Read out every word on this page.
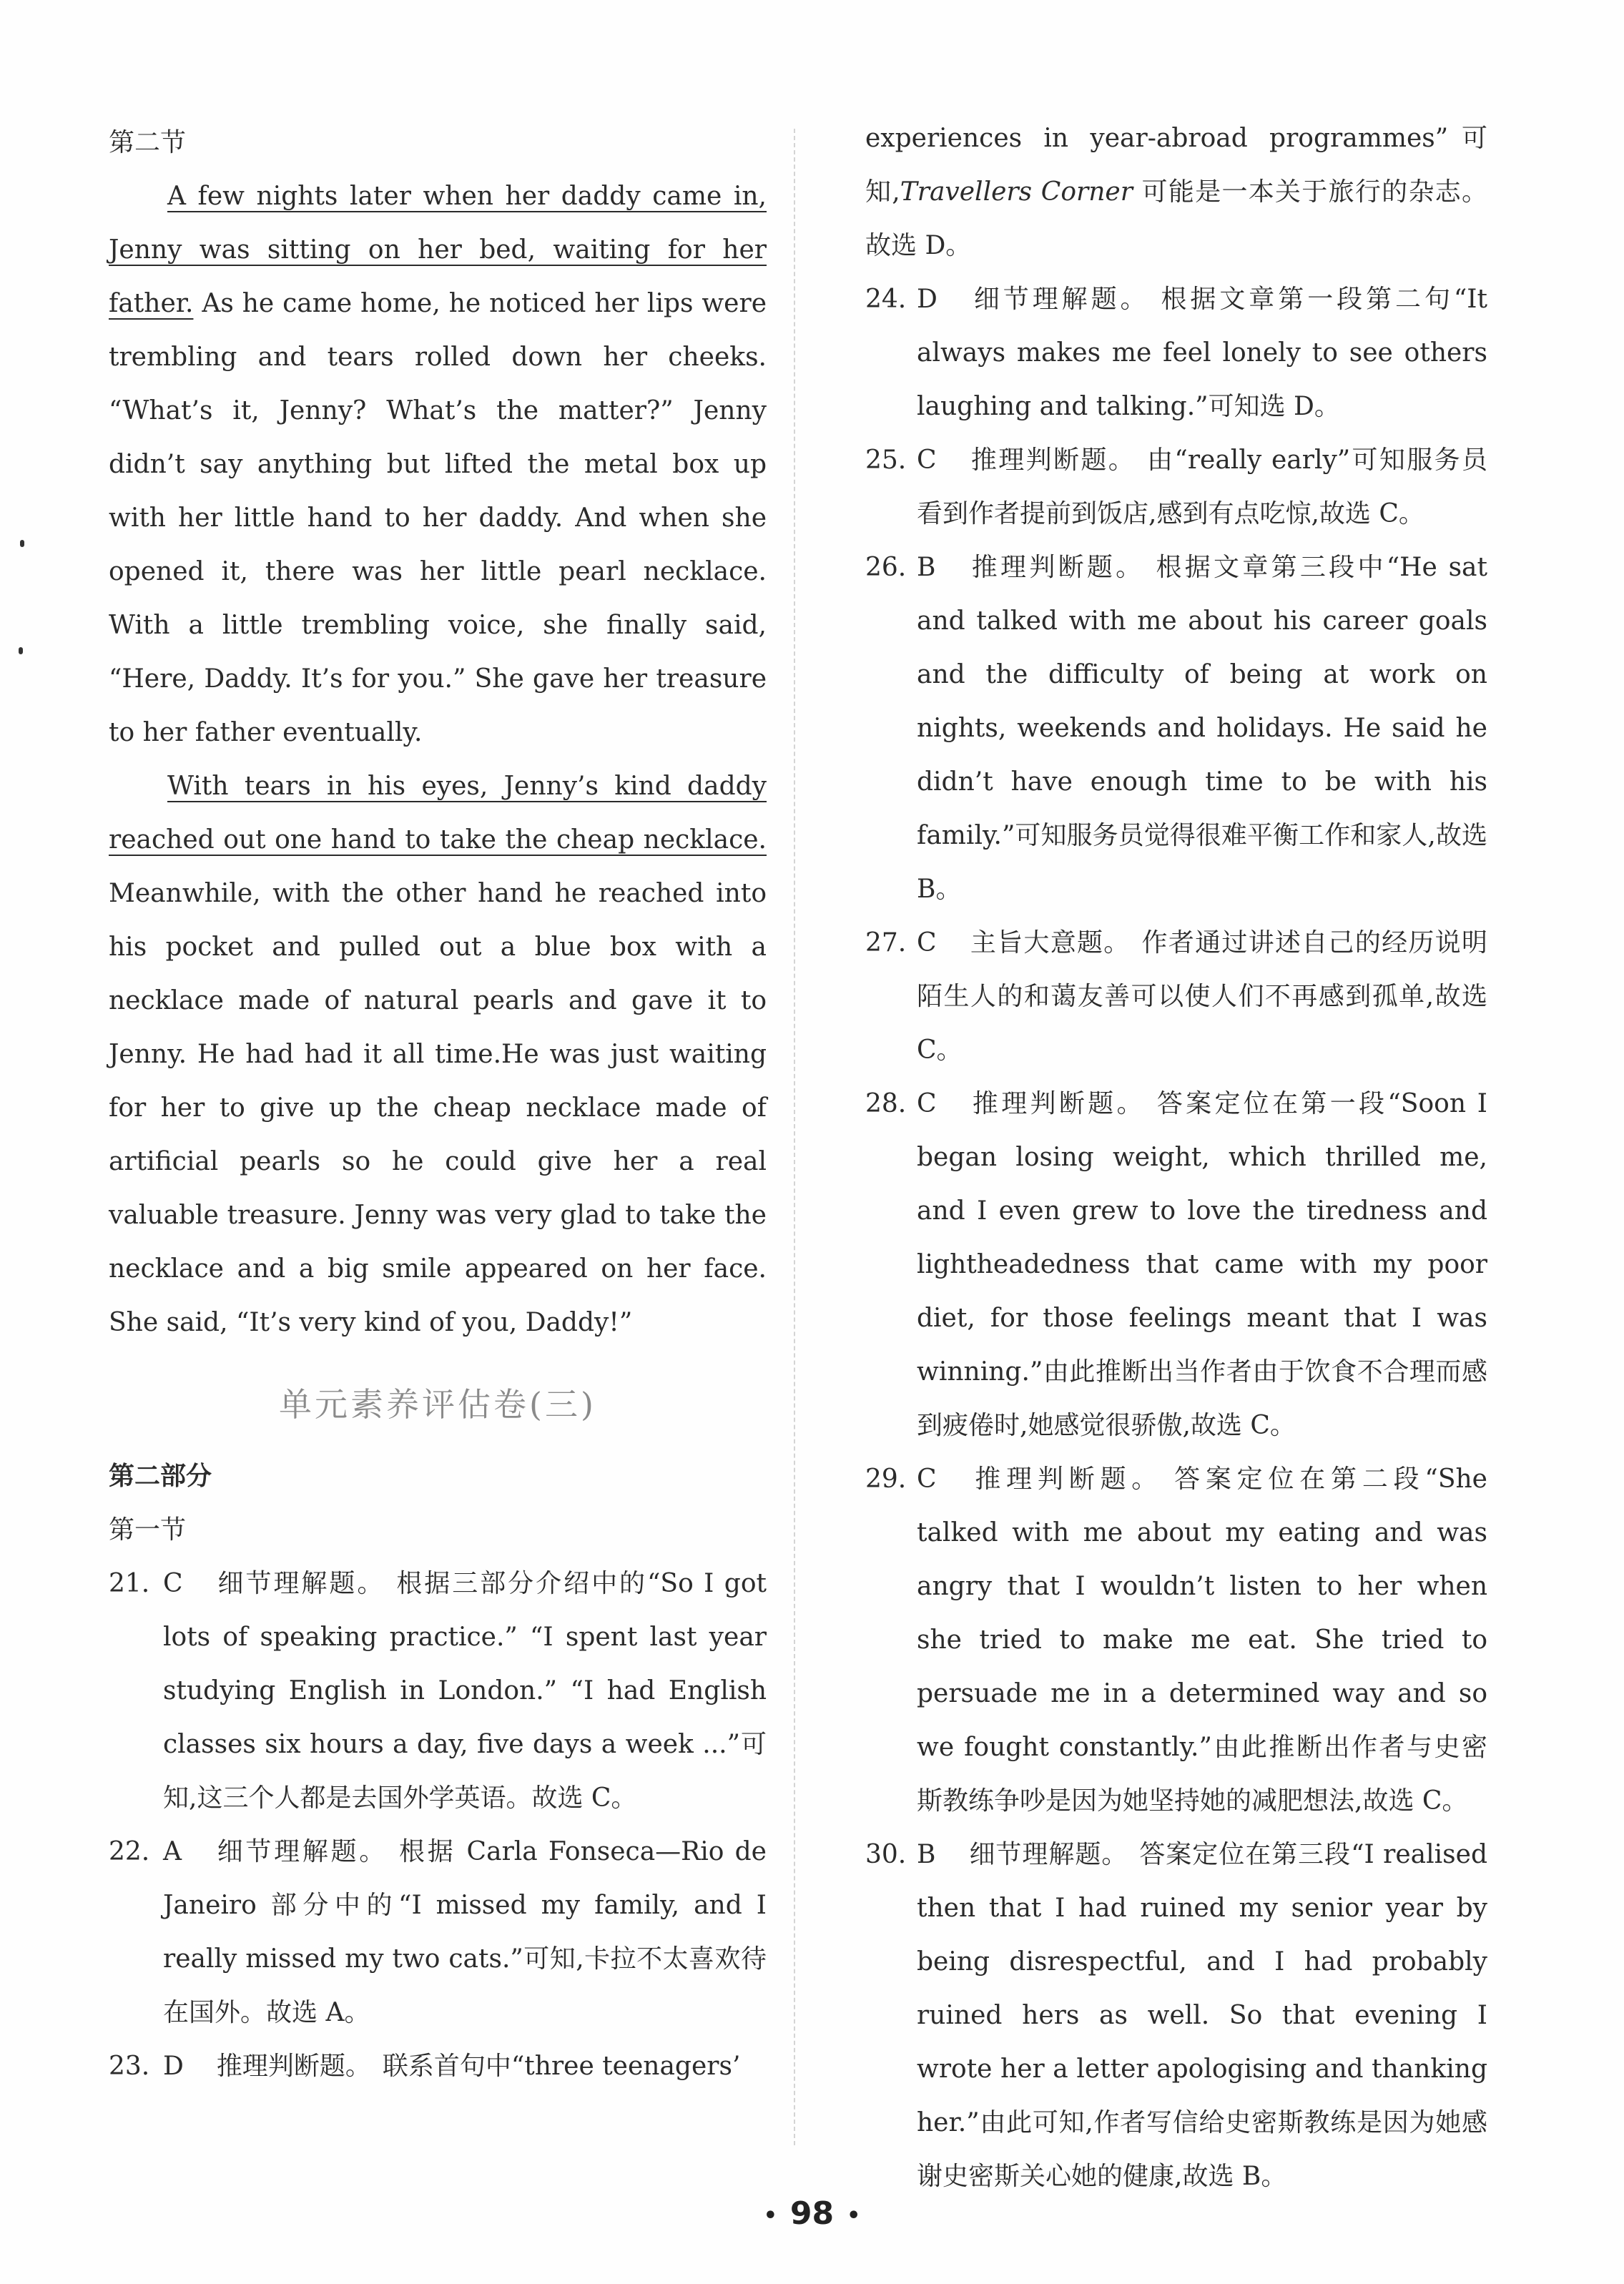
第二节

A few nights later when her daddy came in, Jenny was sitting on her bed, waiting for her father. As he came home, he noticed her lips were trembling and tears rolled down her cheeks. “What’s it, Jenny? What’s the matter?” Jenny didn’t say anything but lifted the metal box up with her little hand to her daddy. And when she opened it, there was her little pearl necklace. With a little trembling voice, she finally said, “Here, Daddy. It’s for you.” She gave her treasure to her father eventually.

With tears in his eyes, Jenny’s kind daddy reached out one hand to take the cheap necklace. Meanwhile, with the other hand he reached into his pocket and pulled out a blue box with a necklace made of natural pearls and gave it to Jenny. He had had it all time.He was just waiting for her to give up the cheap necklace made of artificial pearls so he could give her a real valuable treasure. Jenny was very glad to take the necklace and a big smile appeared on her face. She said, “It’s very kind of you, Daddy!”

单元素养评估卷(三)

第二部分

第一节

21. C 细节理解题。 根据三部分介绍中的“So I got lots of speaking practice.” “I spent last year studying English in London.” “I had English classes six hours a day, five days a week ...”可知,这三个人都是去国外学英语。故选 C。
22. A 细节理解题。 根据 Carla Fonseca—Rio de Janeiro 部分中的“I missed my family, and I really missed my two cats.”可知,卡拉不太喜欢待在国外。故选 A。
23. D 推理判断题。 联系首句中“three teenagers’

experiences in year-abroad programmes”可知,Travellers Corner 可能是一本关于旅行的杂志。故选 D。

24. D 细节理解题。 根据文章第一段第二句“It always makes me feel lonely to see others laughing and talking.”可知选 D。
25. C 推理判断题。 由“really early”可知服务员看到作者提前到饭店,感到有点吃惊,故选 C。
26. B 推理判断题。 根据文章第三段中“He sat and talked with me about his career goals and the difficulty of being at work on nights, weekends and holidays. He said he didn’t have enough time to be with his family.”可知服务员觉得很难平衡工作和家人,故选 B。
27. C 主旨大意题。 作者通过讲述自己的经历说明陌生人的和蔼友善可以使人们不再感到孤单,故选 C。
28. C 推理判断题。 答案定位在第一段“Soon I began losing weight, which thrilled me, and I even grew to love the tiredness and lightheadedness that came with my poor diet, for those feelings meant that I was winning.”由此推断出当作者由于饮食不合理而感到疲倦时,她感觉很骄傲,故选 C。
29. C 推理判断题。 答案定位在第二段“She talked with me about my eating and was angry that I wouldn’t listen to her when she tried to make me eat. She tried to persuade me in a determined way and so we fought constantly.”由此推断出作者与史密斯教练争吵是因为她坚持她的减肥想法,故选 C。
30. B 细节理解题。 答案定位在第三段“I realised then that I had ruined my senior year by being disrespectful, and I had probably ruined hers as well. So that evening I wrote her a letter apologising and thanking her.”由此可知,作者写信给史密斯教练是因为她感谢史密斯关心她的健康,故选 B。
• 98 •
